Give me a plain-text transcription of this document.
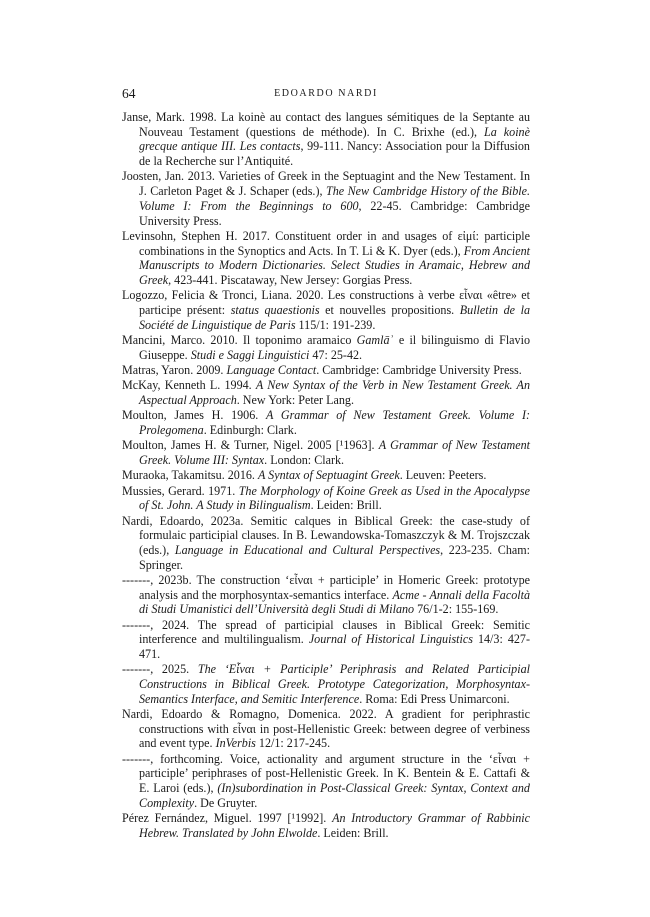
64	EDOARDO NARDI
Janse, Mark. 1998. La koinè au contact des langues sémitiques de la Septante au Nouveau Testament (questions de méthode). In C. Brixhe (ed.), La koinè grecque antique III. Les contacts, 99-111. Nancy: Association pour la Diffusion de la Recherche sur l’Antiquité.
Joosten, Jan. 2013. Varieties of Greek in the Septuagint and the New Testament. In J. Carleton Paget & J. Schaper (eds.), The New Cambridge History of the Bible. Volume I: From the Beginnings to 600, 22-45. Cambridge: Cambridge University Press.
Levinsohn, Stephen H. 2017. Constituent order in and usages of εἰμί: participle combinations in the Synoptics and Acts. In T. Li & K. Dyer (eds.), From Ancient Manuscripts to Modern Dictionaries. Select Studies in Aramaic, Hebrew and Greek, 423-441. Piscataway, New Jersey: Gorgias Press.
Logozzo, Felicia & Tronci, Liana. 2020. Les constructions à verbe εἶναι «être» et participe présent: status quaestionis et nouvelles propositions. Bulletin de la Société de Linguistique de Paris 115/1: 191-239.
Mancini, Marco. 2010. Il toponimo aramaico Gamlāʾ e il bilinguismo di Flavio Giuseppe. Studi e Saggi Linguistici 47: 25-42.
Matras, Yaron. 2009. Language Contact. Cambridge: Cambridge University Press.
McKay, Kenneth L. 1994. A New Syntax of the Verb in New Testament Greek. An Aspectual Approach. New York: Peter Lang.
Moulton, James H. 1906. A Grammar of New Testament Greek. Volume I: Prolegomena. Edinburgh: Clark.
Moulton, James H. & Turner, Nigel. 2005 [¹1963]. A Grammar of New Testament Greek. Volume III: Syntax. London: Clark.
Muraoka, Takamitsu. 2016. A Syntax of Septuagint Greek. Leuven: Peeters.
Mussies, Gerard. 1971. The Morphology of Koine Greek as Used in the Apocalypse of St. John. A Study in Bilingualism. Leiden: Brill.
Nardi, Edoardo, 2023a. Semitic calques in Biblical Greek: the case-study of formulaic participial clauses. In B. Lewandowska-Tomaszczyk & M. Trojszczak (eds.), Language in Educational and Cultural Perspectives, 223-235. Cham: Springer.
-------, 2023b. The construction ‘εἶναι + participle’ in Homeric Greek: prototype analysis and the morphosyntax-semantics interface. Acme - Annali della Facoltà di Studi Umanistici dell’Università degli Studi di Milano 76/1-2: 155-169.
-------, 2024. The spread of participial clauses in Biblical Greek: Semitic interference and multilingualism. Journal of Historical Linguistics 14/3: 427-471.
-------, 2025. The ‘Εἶναι + Participle’ Periphrasis and Related Participial Constructions in Biblical Greek. Prototype Categorization, Morphosyntax-Semantics Interface, and Semitic Interference. Roma: Edi Press Unimarconi.
Nardi, Edoardo & Romagno, Domenica. 2022. A gradient for periphrastic constructions with εἶναι in post-Hellenistic Greek: between degree of verbiness and event type. InVerbis 12/1: 217-245.
-------, forthcoming. Voice, actionality and argument structure in the ‘εἶναι + participle’ periphrases of post-Hellenistic Greek. In K. Bentein & E. Cattafi & E. Laroi (eds.), (In)subordination in Post-Classical Greek: Syntax, Context and Complexity. De Gruyter.
Pérez Fernández, Miguel. 1997 [¹1992]. An Introductory Grammar of Rabbinic Hebrew. Translated by John Elwolde. Leiden: Brill.
